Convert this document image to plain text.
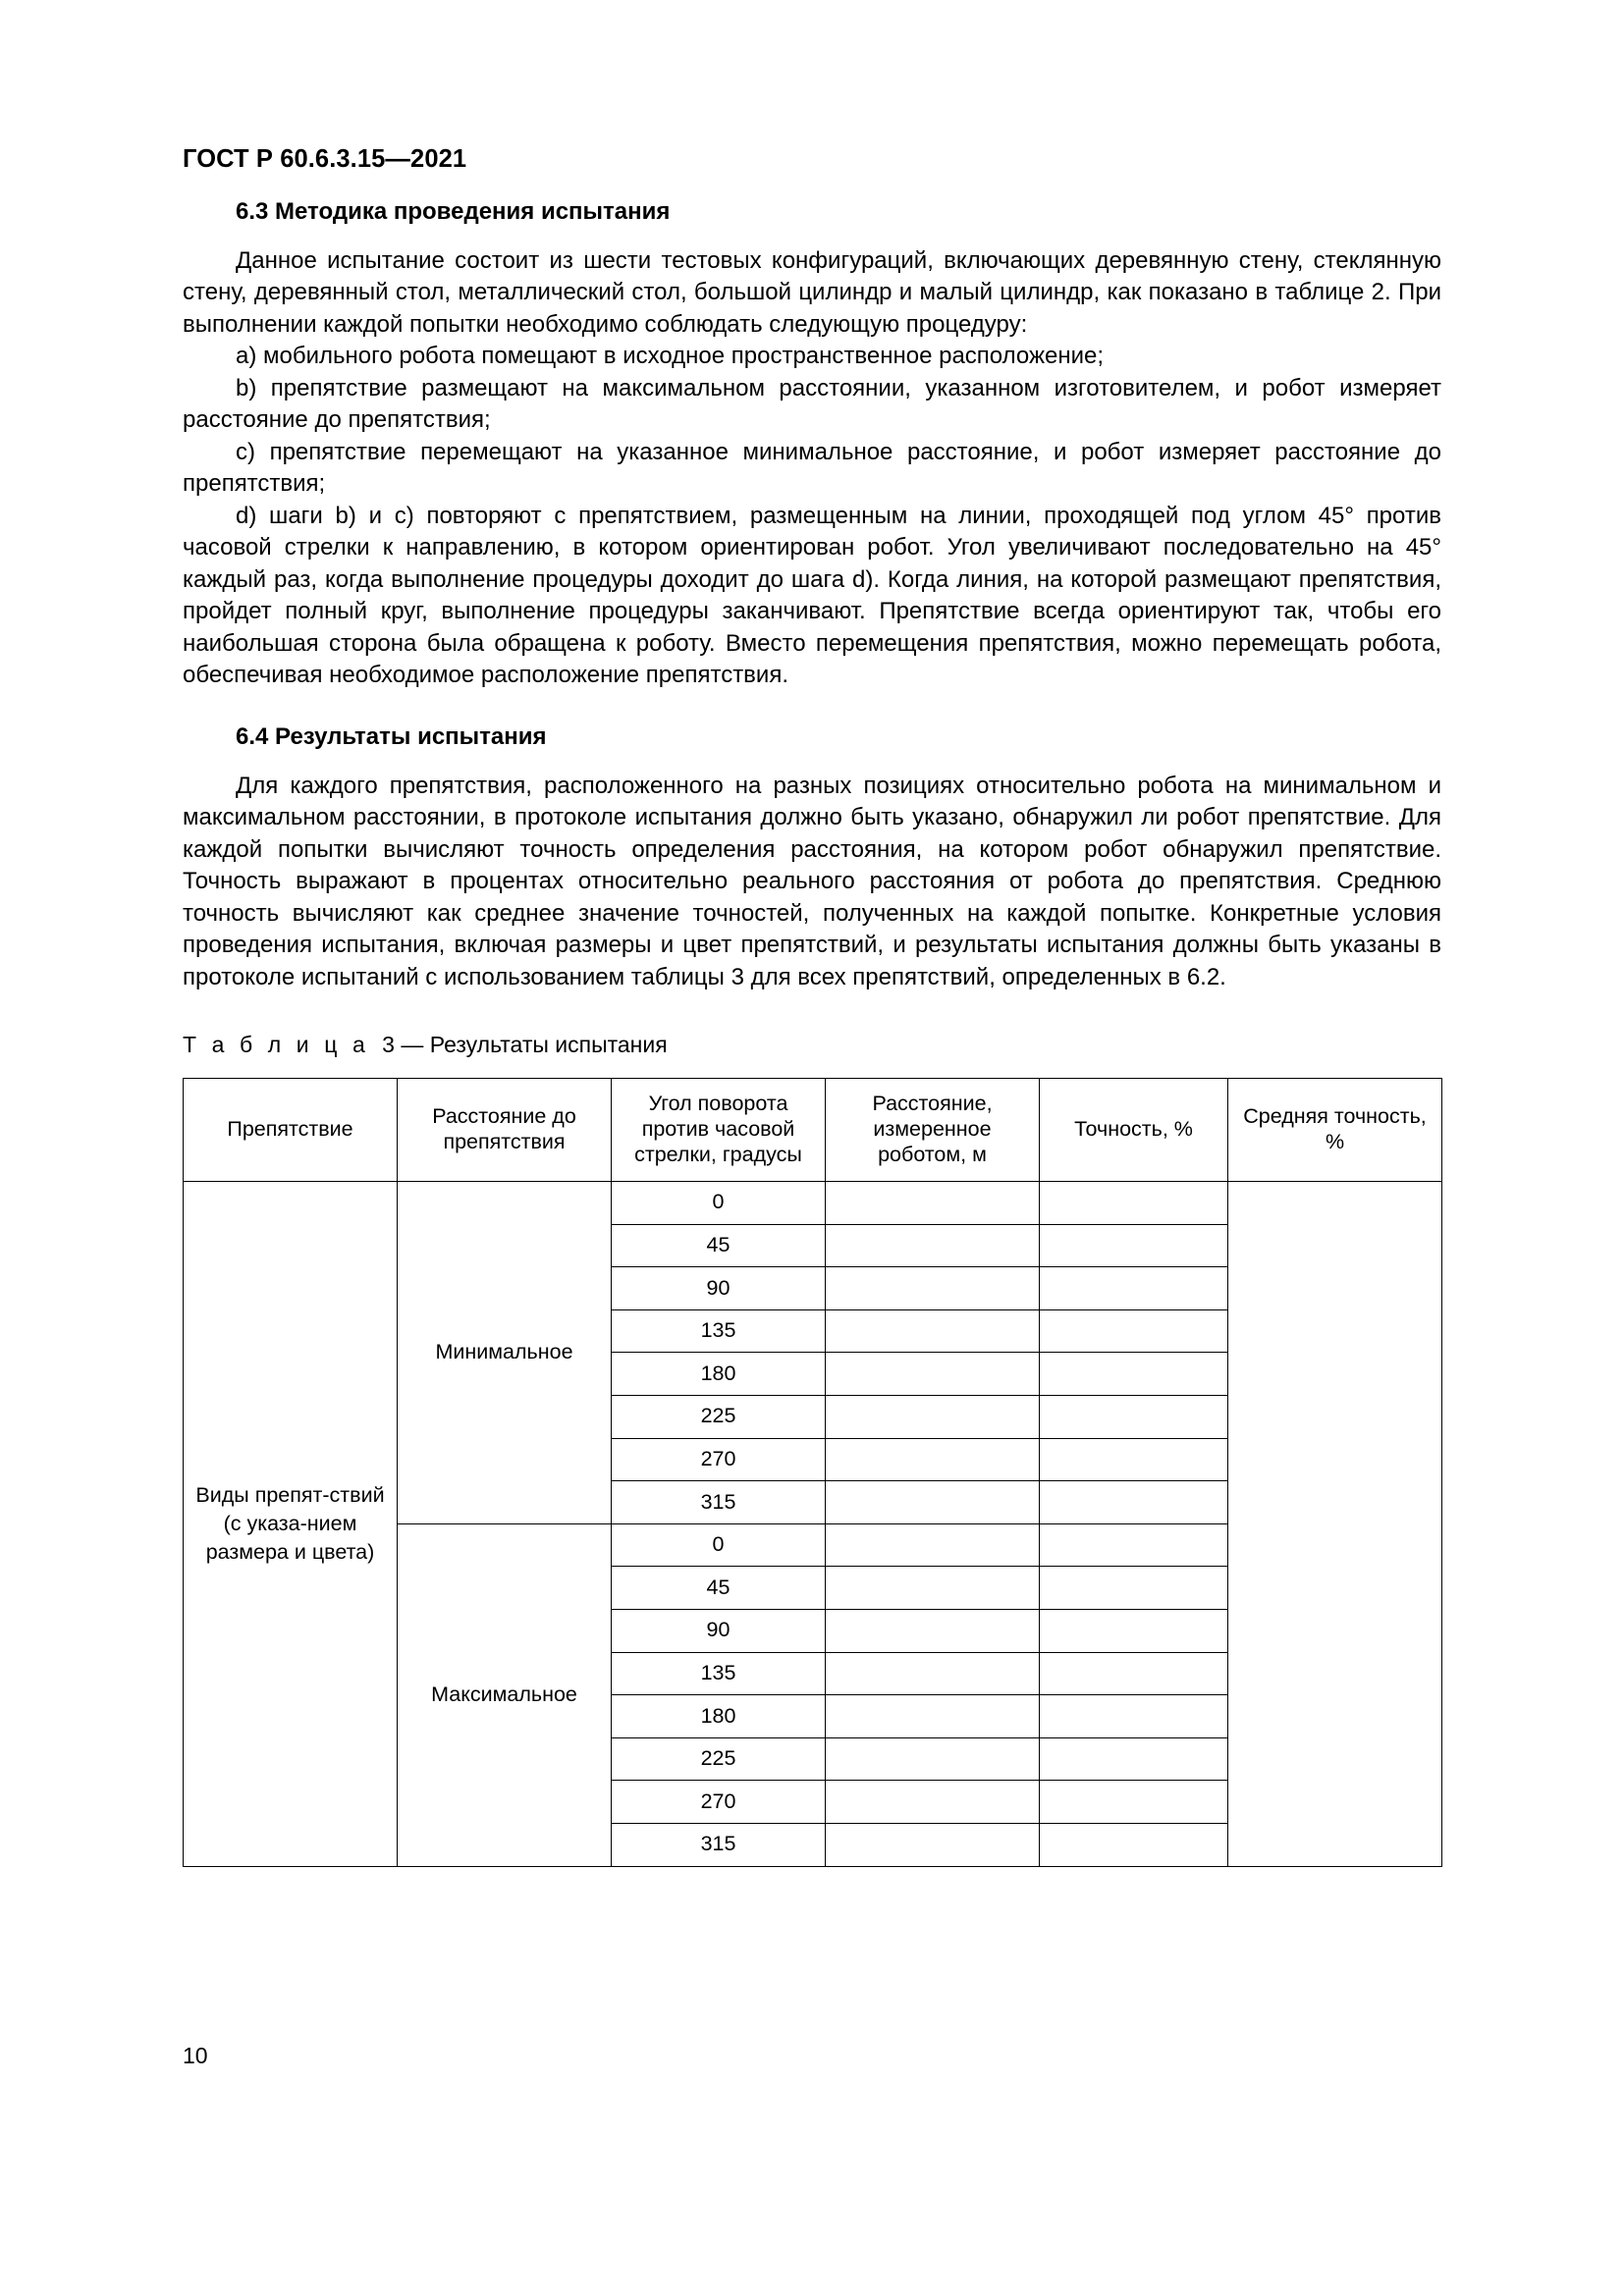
ГОСТ Р 60.6.3.15—2021
6.3 Методика проведения испытания

Данное испытание состоит из шести тестовых конфигураций, включающих деревянную стену, стеклянную стену, деревянный стол, металлический стол, большой цилиндр и малый цилиндр, как показано в таблице 2. При выполнении каждой попытки необходимо соблюдать следующую процедуру:

a) мобильного робота помещают в исходное пространственное расположение;

b) препятствие размещают на максимальном расстоянии, указанном изготовителем, и робот измеряет расстояние до препятствия;

c) препятствие перемещают на указанное минимальное расстояние, и робот измеряет расстояние до препятствия;

d) шаги b) и c) повторяют с препятствием, размещенным на линии, проходящей под углом 45° против часовой стрелки к направлению, в котором ориентирован робот. Угол увеличивают последовательно на 45° каждый раз, когда выполнение процедуры доходит до шага d). Когда линия, на которой размещают препятствия, пройдет полный круг, выполнение процедуры заканчивают. Препятствие всегда ориентируют так, чтобы его наибольшая сторона была обращена к роботу. Вместо перемещения препятствия, можно перемещать робота, обеспечивая необходимое расположение препятствия.

6.4 Результаты испытания

Для каждого препятствия, расположенного на разных позициях относительно робота на минимальном и максимальном расстоянии, в протоколе испытания должно быть указано, обнаружил ли робот препятствие. Для каждой попытки вычисляют точность определения расстояния, на котором робот обнаружил препятствие. Точность выражают в процентах относительно реального расстояния от робота до препятствия. Среднюю точность вычисляют как среднее значение точностей, полученных на каждой попытке. Конкретные условия проведения испытания, включая размеры и цвет препятствий, и результаты испытания должны быть указаны в протоколе испытаний с использованием таблицы 3 для всех препятствий, определенных в 6.2.

Т а б л и ц а 3 — Результаты испытания

Препятствие	Расстояние до препятствия	Угол поворота против часовой стрелки, градусы	Расстояние, измеренное роботом, м	Точность, %	Средняя точность, %
Виды препят-ствий (с указа-нием размера и цвета)	Минимальное	0			
		45			
		90			
		135			
		180			
		225			
		270			
		315			
	Максимальное	0			
		45			
		90			
		135			
		180			
		225			
		270			
		315			
10
